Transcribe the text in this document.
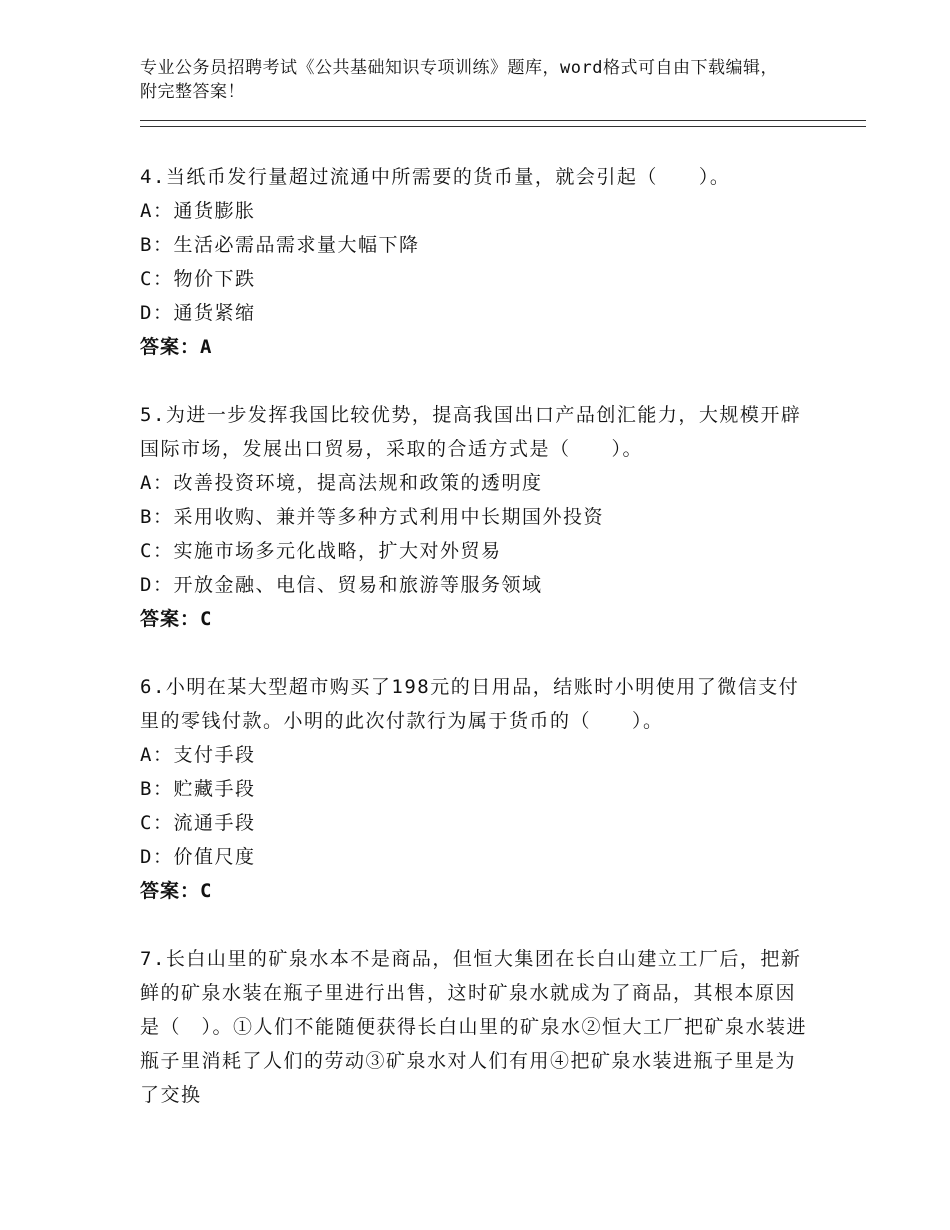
专业公务员招聘考试《公共基础知识专项训练》题库，word格式可自由下载编辑，附完整答案！
4.当纸币发行量超过流通中所需要的货币量，就会引起（　　）。
A：通货膨胀
B：生活必需品需求量大幅下降
C：物价下跌
D：通货紧缩
答案：A
5.为进一步发挥我国比较优势，提高我国出口产品创汇能力，大规模开辟国际市场，发展出口贸易，采取的合适方式是（　　）。
A：改善投资环境，提高法规和政策的透明度
B：采用收购、兼并等多种方式利用中长期国外投资
C：实施市场多元化战略，扩大对外贸易
D：开放金融、电信、贸易和旅游等服务领域
答案：C
6.小明在某大型超市购买了198元的日用品，结账时小明使用了微信支付里的零钱付款。小明的此次付款行为属于货币的（　　）。
A：支付手段
B：贮藏手段
C：流通手段
D：价值尺度
答案：C
7.长白山里的矿泉水本不是商品，但恒大集团在长白山建立工厂后，把新鲜的矿泉水装在瓶子里进行出售，这时矿泉水就成为了商品，其根本原因是（　）。①人们不能随便获得长白山里的矿泉水②恒大工厂把矿泉水装进瓶子里消耗了人们的劳动③矿泉水对人们有用④把矿泉水装进瓶子里是为了交换
